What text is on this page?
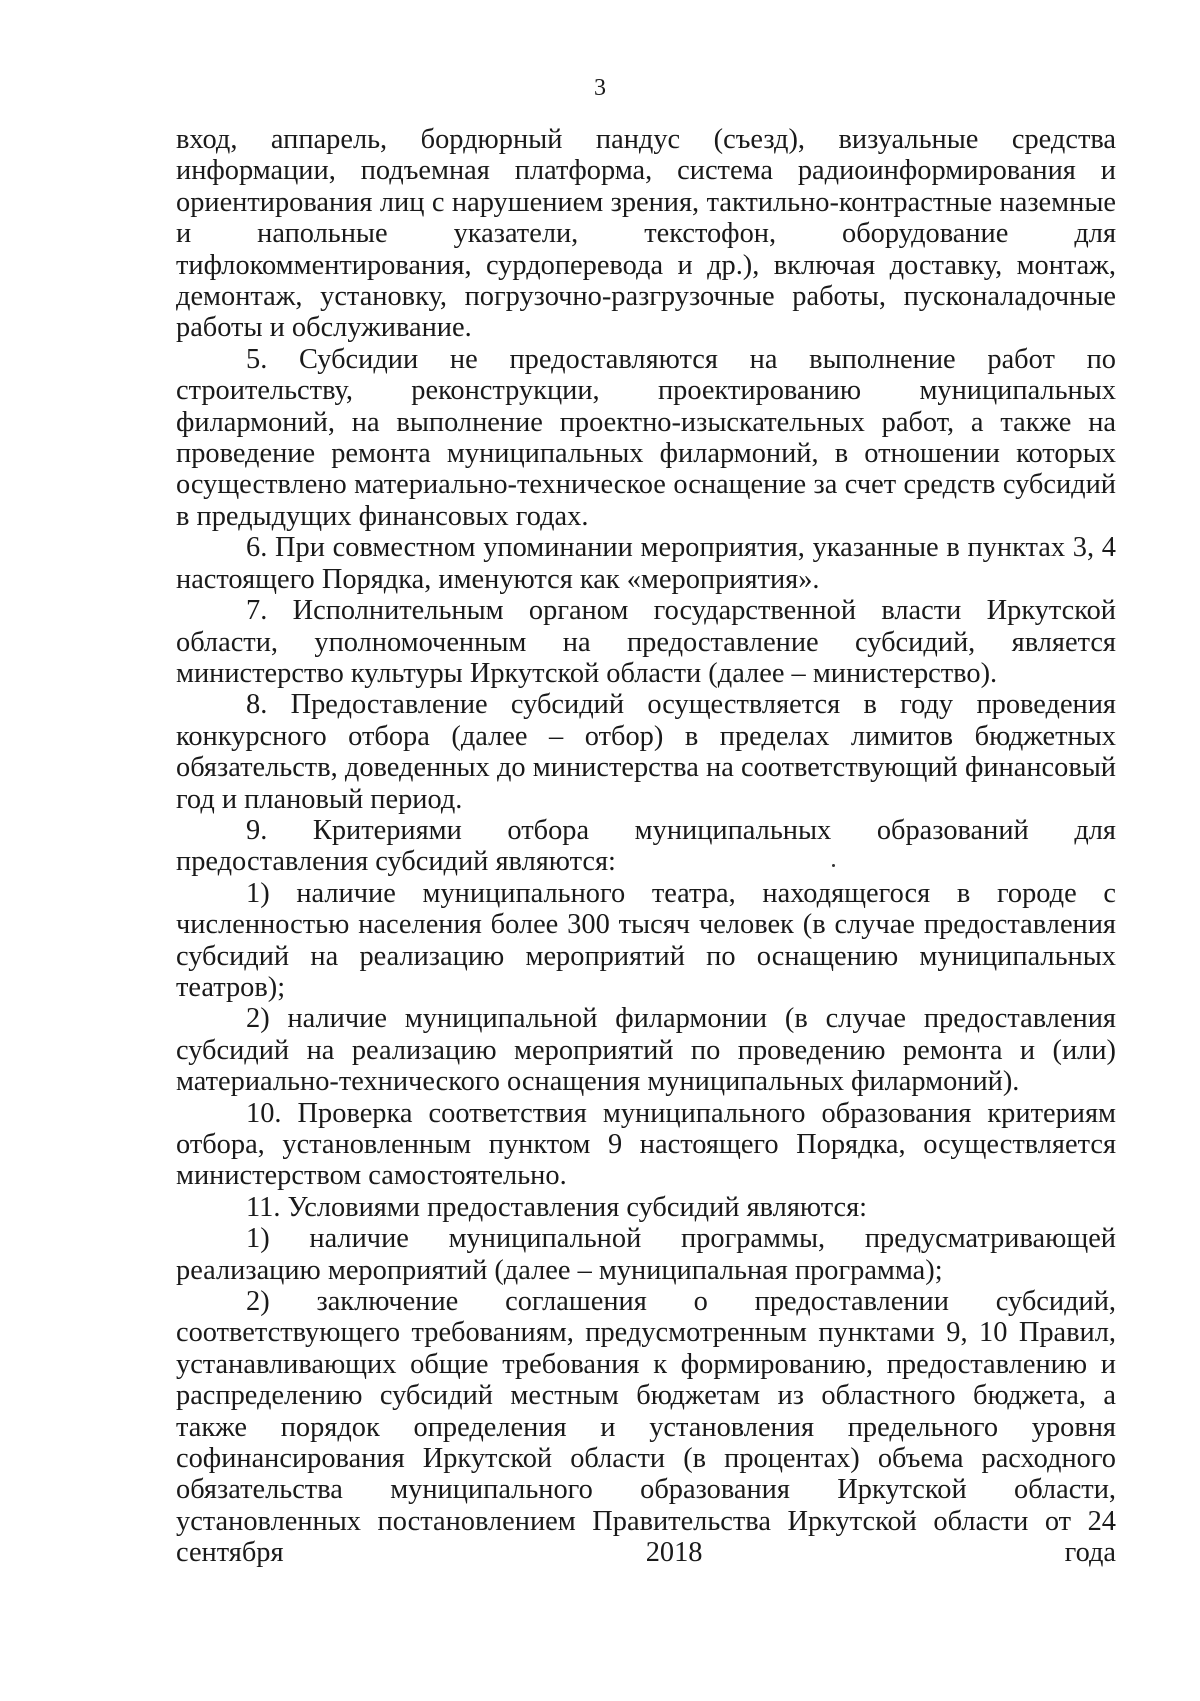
3

вход, аппарель, бордюрный пандус (съезд), визуальные средства информации, подъемная платформа, система радиоинформирования и ориентирования лиц с нарушением зрения, тактильно-контрастные наземные и напольные указатели, текстофон, оборудование для тифлокомментирования, сурдоперевода и др.), включая доставку, монтаж, демонтаж, установку, погрузочно-разгрузочные работы, пусконаладочные работы и обслуживание.

5. Субсидии не предоставляются на выполнение работ по строительству, реконструкции, проектированию муниципальных филармоний, на выполнение проектно-изыскательных работ, а также на проведение ремонта муниципальных филармоний, в отношении которых осуществлено материально-техническое оснащение за счет средств субсидий в предыдущих финансовых годах.

6. При совместном упоминании мероприятия, указанные в пунктах 3, 4 настоящего Порядка, именуются как «мероприятия».

7. Исполнительным органом государственной власти Иркутской области, уполномоченным на предоставление субсидий, является министерство культуры Иркутской области (далее – министерство).

8. Предоставление субсидий осуществляется в году проведения конкурсного отбора (далее – отбор) в пределах лимитов бюджетных обязательств, доведенных до министерства на соответствующий финансовый год и плановый период.

9. Критериями отбора муниципальных образований для предоставления субсидий являются:

1) наличие муниципального театра, находящегося в городе с численностью населения более 300 тысяч человек (в случае предоставления субсидий на реализацию мероприятий по оснащению муниципальных театров);

2) наличие муниципальной филармонии (в случае предоставления субсидий на реализацию мероприятий по проведению ремонта и (или) материально-технического оснащения муниципальных филармоний).

10. Проверка соответствия муниципального образования критериям отбора, установленным пунктом 9 настоящего Порядка, осуществляется министерством самостоятельно.

11. Условиями предоставления субсидий являются:

1) наличие муниципальной программы, предусматривающей реализацию мероприятий (далее – муниципальная программа);

2) заключение соглашения о предоставлении субсидий, соответствующего требованиям, предусмотренным пунктами 9, 10 Правил, устанавливающих общие требования к формированию, предоставлению и распределению субсидий местным бюджетам из областного бюджета, а также порядок определения и установления предельного уровня софинансирования Иркутской области (в процентах) объема расходного обязательства муниципального образования Иркутской области, установленных постановлением Правительства Иркутской области от 24 сентября 2018 года
